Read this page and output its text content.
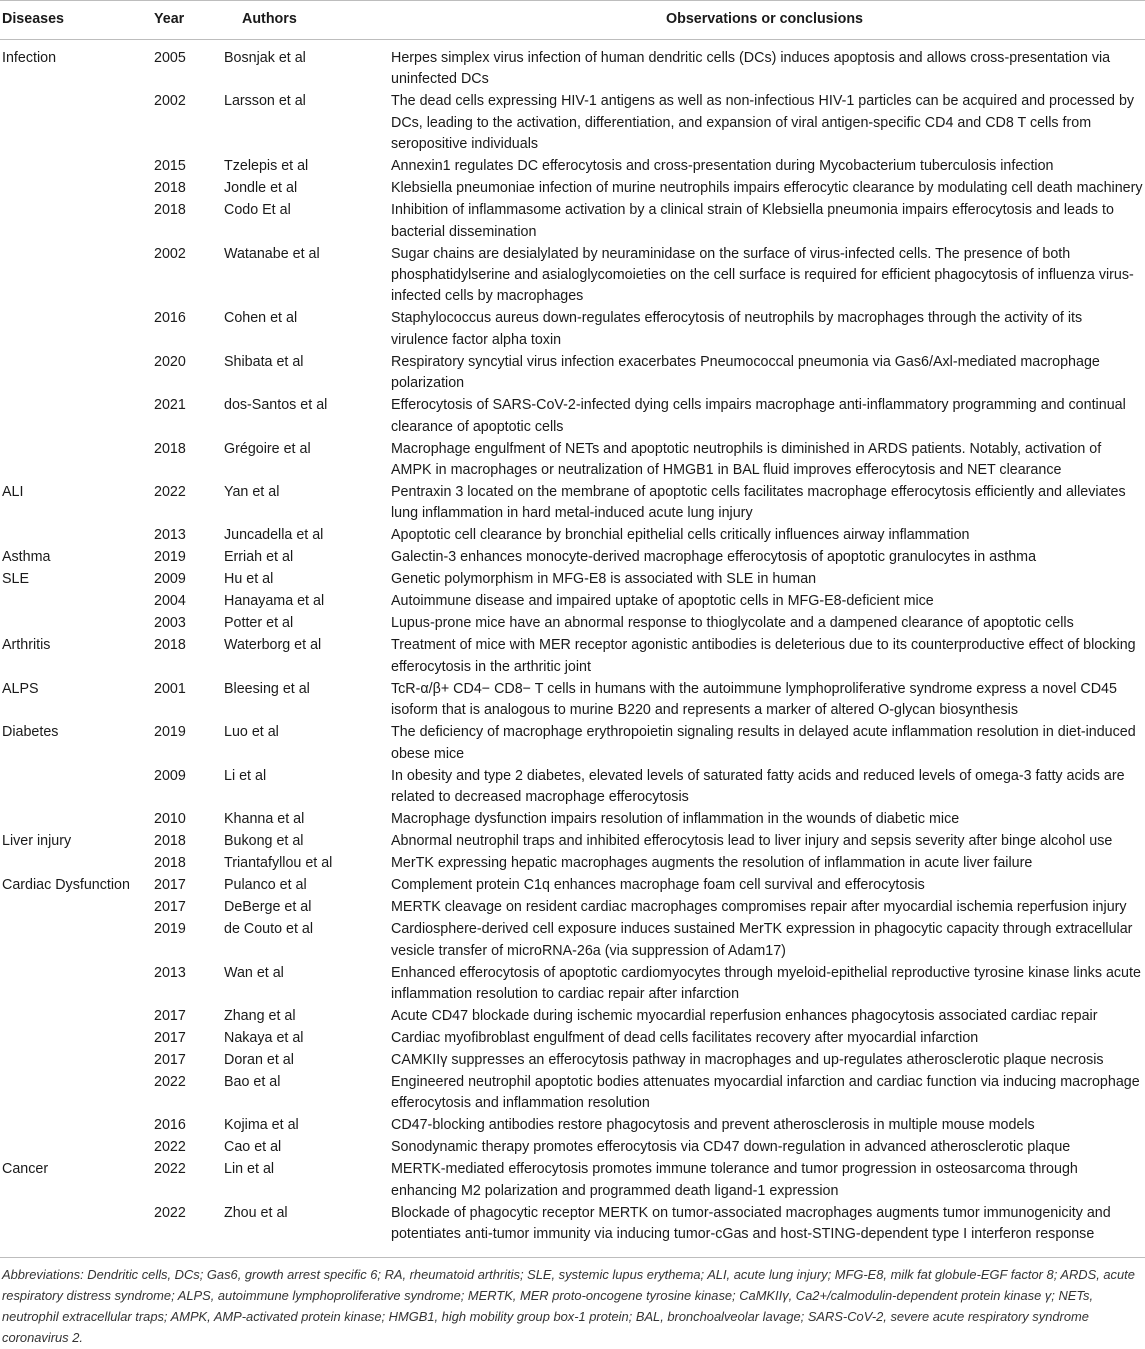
Diseases	Year	Authors	Observations or conclusions
Infection	2005	Bosnjak et al	Herpes simplex virus infection of human dendritic cells (DCs) induces apoptosis and allows cross-presentation via uninfected DCs
	2002	Larsson et al	The dead cells expressing HIV-1 antigens as well as non-infectious HIV-1 particles can be acquired and processed by DCs, leading to the activation, differentiation, and expansion of viral antigen-specific CD4 and CD8 T cells from seropositive individuals
	2015	Tzelepis et al	Annexin1 regulates DC efferocytosis and cross-presentation during Mycobacterium tuberculosis infection
	2018	Jondle et al	Klebsiella pneumoniae infection of murine neutrophils impairs efferocytic clearance by modulating cell death machinery
	2018	Codo Et al	Inhibition of inflammasome activation by a clinical strain of Klebsiella pneumonia impairs efferocytosis and leads to bacterial dissemination
	2002	Watanabe et al	Sugar chains are desialylated by neuraminidase on the surface of virus-infected cells. The presence of both phosphatidylserine and asialoglycomoieties on the cell surface is required for efficient phagocytosis of influenza virus-infected cells by macrophages
	2016	Cohen et al	Staphylococcus aureus down-regulates efferocytosis of neutrophils by macrophages through the activity of its virulence factor alpha toxin
	2020	Shibata et al	Respiratory syncytial virus infection exacerbates Pneumococcal pneumonia via Gas6/Axl-mediated macrophage polarization
	2021	dos-Santos et al	Efferocytosis of SARS-CoV-2-infected dying cells impairs macrophage anti-inflammatory programming and continual clearance of apoptotic cells
	2018	Grégoire et al	Macrophage engulfment of NETs and apoptotic neutrophils is diminished in ARDS patients. Notably, activation of AMPK in macrophages or neutralization of HMGB1 in BAL fluid improves efferocytosis and NET clearance
ALI	2022	Yan et al	Pentraxin 3 located on the membrane of apoptotic cells facilitates macrophage efferocytosis efficiently and alleviates lung inflammation in hard metal-induced acute lung injury
	2013	Juncadella et al	Apoptotic cell clearance by bronchial epithelial cells critically influences airway inflammation
Asthma	2019	Erriah et al	Galectin-3 enhances monocyte-derived macrophage efferocytosis of apoptotic granulocytes in asthma
SLE	2009	Hu et al	Genetic polymorphism in MFG-E8 is associated with SLE in human
	2004	Hanayama et al	Autoimmune disease and impaired uptake of apoptotic cells in MFG-E8-deficient mice
	2003	Potter et al	Lupus-prone mice have an abnormal response to thioglycolate and a dampened clearance of apoptotic cells
Arthritis	2018	Waterborg et al	Treatment of mice with MER receptor agonistic antibodies is deleterious due to its counterproductive effect of blocking efferocytosis in the arthritic joint
ALPS	2001	Bleesing et al	TcR-α/β+ CD4− CD8− T cells in humans with the autoimmune lymphoproliferative syndrome express a novel CD45 isoform that is analogous to murine B220 and represents a marker of altered O-glycan biosynthesis
Diabetes	2019	Luo et al	The deficiency of macrophage erythropoietin signaling results in delayed acute inflammation resolution in diet-induced obese mice
	2009	Li et al	In obesity and type 2 diabetes, elevated levels of saturated fatty acids and reduced levels of omega-3 fatty acids are related to decreased macrophage efferocytosis
	2010	Khanna et al	Macrophage dysfunction impairs resolution of inflammation in the wounds of diabetic mice
Liver injury	2018	Bukong et al	Abnormal neutrophil traps and inhibited efferocytosis lead to liver injury and sepsis severity after binge alcohol use
	2018	Triantafyllou et al	MerTK expressing hepatic macrophages augments the resolution of inflammation in acute liver failure
Cardiac Dysfunction	2017	Pulanco et al	Complement protein C1q enhances macrophage foam cell survival and efferocytosis
	2017	DeBerge et al	MERTK cleavage on resident cardiac macrophages compromises repair after myocardial ischemia reperfusion injury
	2019	de Couto et al	Cardiosphere-derived cell exposure induces sustained MerTK expression in phagocytic capacity through extracellular vesicle transfer of microRNA-26a (via suppression of Adam17)
	2013	Wan et al	Enhanced efferocytosis of apoptotic cardiomyocytes through myeloid-epithelial reproductive tyrosine kinase links acute inflammation resolution to cardiac repair after infarction
	2017	Zhang et al	Acute CD47 blockade during ischemic myocardial reperfusion enhances phagocytosis associated cardiac repair
	2017	Nakaya et al	Cardiac myofibroblast engulfment of dead cells facilitates recovery after myocardial infarction
	2017	Doran et al	CAMKIIγ suppresses an efferocytosis pathway in macrophages and up-regulates atherosclerotic plaque necrosis
	2022	Bao et al	Engineered neutrophil apoptotic bodies attenuates myocardial infarction and cardiac function via inducing macrophage efferocytosis and inflammation resolution
	2016	Kojima et al	CD47-blocking antibodies restore phagocytosis and prevent atherosclerosis in multiple mouse models
	2022	Cao et al	Sonodynamic therapy promotes efferocytosis via CD47 down-regulation in advanced atherosclerotic plaque
Cancer	2022	Lin et al	MERTK-mediated efferocytosis promotes immune tolerance and tumor progression in osteosarcoma through enhancing M2 polarization and programmed death ligand-1 expression
	2022	Zhou et al	Blockade of phagocytic receptor MERTK on tumor-associated macrophages augments tumor immunogenicity and potentiates anti-tumor immunity via inducing tumor-cGas and host-STING-dependent type I interferon response
Abbreviations: Dendritic cells, DCs; Gas6, growth arrest specific 6; RA, rheumatoid arthritis; SLE, systemic lupus erythema; ALI, acute lung injury; MFG-E8, milk fat globule-EGF factor 8; ARDS, acute respiratory distress syndrome; ALPS, autoimmune lymphoproliferative syndrome; MERTK, MER proto-oncogene tyrosine kinase; CaMKIIγ, Ca2+/calmodulin-dependent protein kinase γ; NETs, neutrophil extracellular traps; AMPK, AMP-activated protein kinase; HMGB1, high mobility group box-1 protein; BAL, bronchoalveolar lavage; SARS-CoV-2, severe acute respiratory syndrome coronavirus 2.
